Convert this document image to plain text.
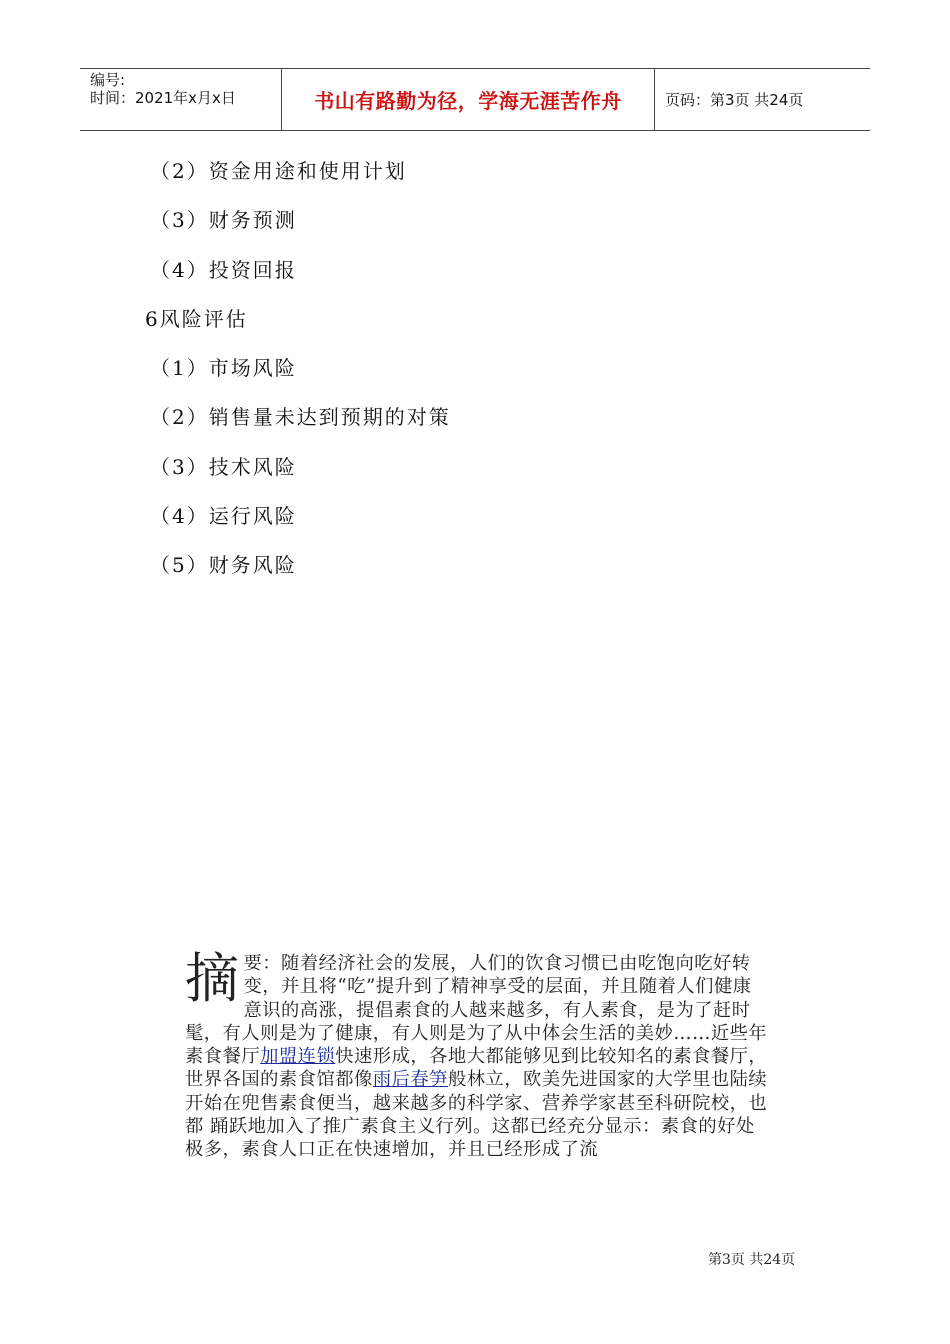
编号:
时间：2021年x月x日	书山有路勤为径，学海无涯苦作舟	页码：第3页 共24页
（2）资金用途和使用计划
（3）财务预测
（4）投资回报
6风险评估
（1）市场风险
（2）销售量未达到预期的对策
（3）技术风险
（4）运行风险
（5）财务风险
摘要：随着经济社会的发展，人们的饮食习惯已由吃饱向吃好转变，并且将“吃”提升到了精神享受的层面，并且随着人们健康意识的高涨，提倡素食的人越来越多，有人素食，是为了赶时髦，有人则是为了健康，有人则是为了从中体会生活的美妙……近些年素食餐厅加盟连锁快速形成，各地大都能够见到比较知名的素食餐厅，世界各国的素食馆都像雨后春笋般林立，欧美先进国家的大学里也陆续开始在兜售素食便当，越来越多的科学家、营养学家甚至科研院校，也都 踊跃地加入了推广素食主义行列。这都已经充分显示：素食的好处极多，素食人口正在快速增加，并且已经形成了流
第3页 共24页
